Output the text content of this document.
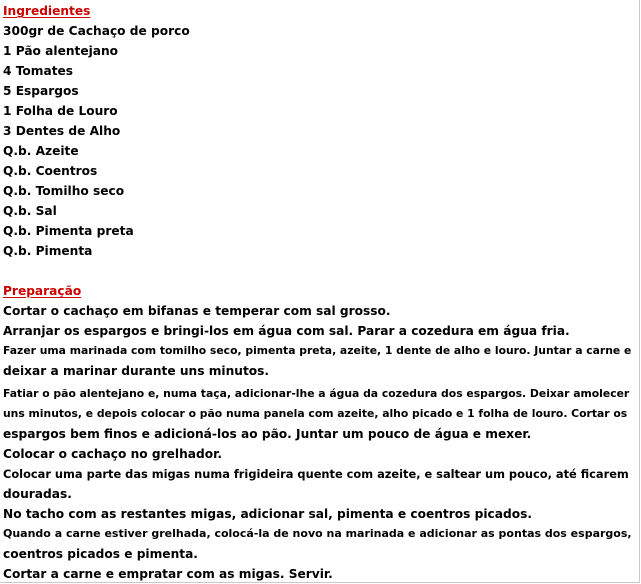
Ingredientes
300gr de Cachaço de porco
1 Pão alentejano
4 Tomates
5 Espargos
1 Folha de Louro
3 Dentes de Alho
Q.b. Azeite
Q.b. Coentros
Q.b. Tomilho seco
Q.b. Sal
Q.b. Pimenta preta
Q.b. Pimenta
Preparação
Cortar o cachaço em bifanas e temperar com sal grosso.
Arranjar os espargos e bringi-los em água com sal. Parar a cozedura em água fria.
Fazer uma marinada com tomilho seco, pimenta preta, azeite, 1 dente de alho e louro. Juntar a carne e
deixar a marinar durante uns minutos.
Fatiar o pão alentejano e, numa taça, adicionar-lhe a água da cozedura dos espargos. Deixar amolecer
uns minutos, e depois colocar o pão numa panela com azeite, alho picado e 1 folha de louro. Cortar os
espargos bem finos e adicioná-los ao pão. Juntar um pouco de água e mexer.
Colocar o cachaço no grelhador.
Colocar uma parte das migas numa frigideira quente com azeite, e saltear um pouco, até ficarem
douradas.
No tacho com as restantes migas, adicionar sal, pimenta e coentros picados.
Quando a carne estiver grelhada, colocá-la de novo na marinada e adicionar as pontas dos espargos,
coentros picados e pimenta.
Cortar a carne e empratar com as migas. Servir.
